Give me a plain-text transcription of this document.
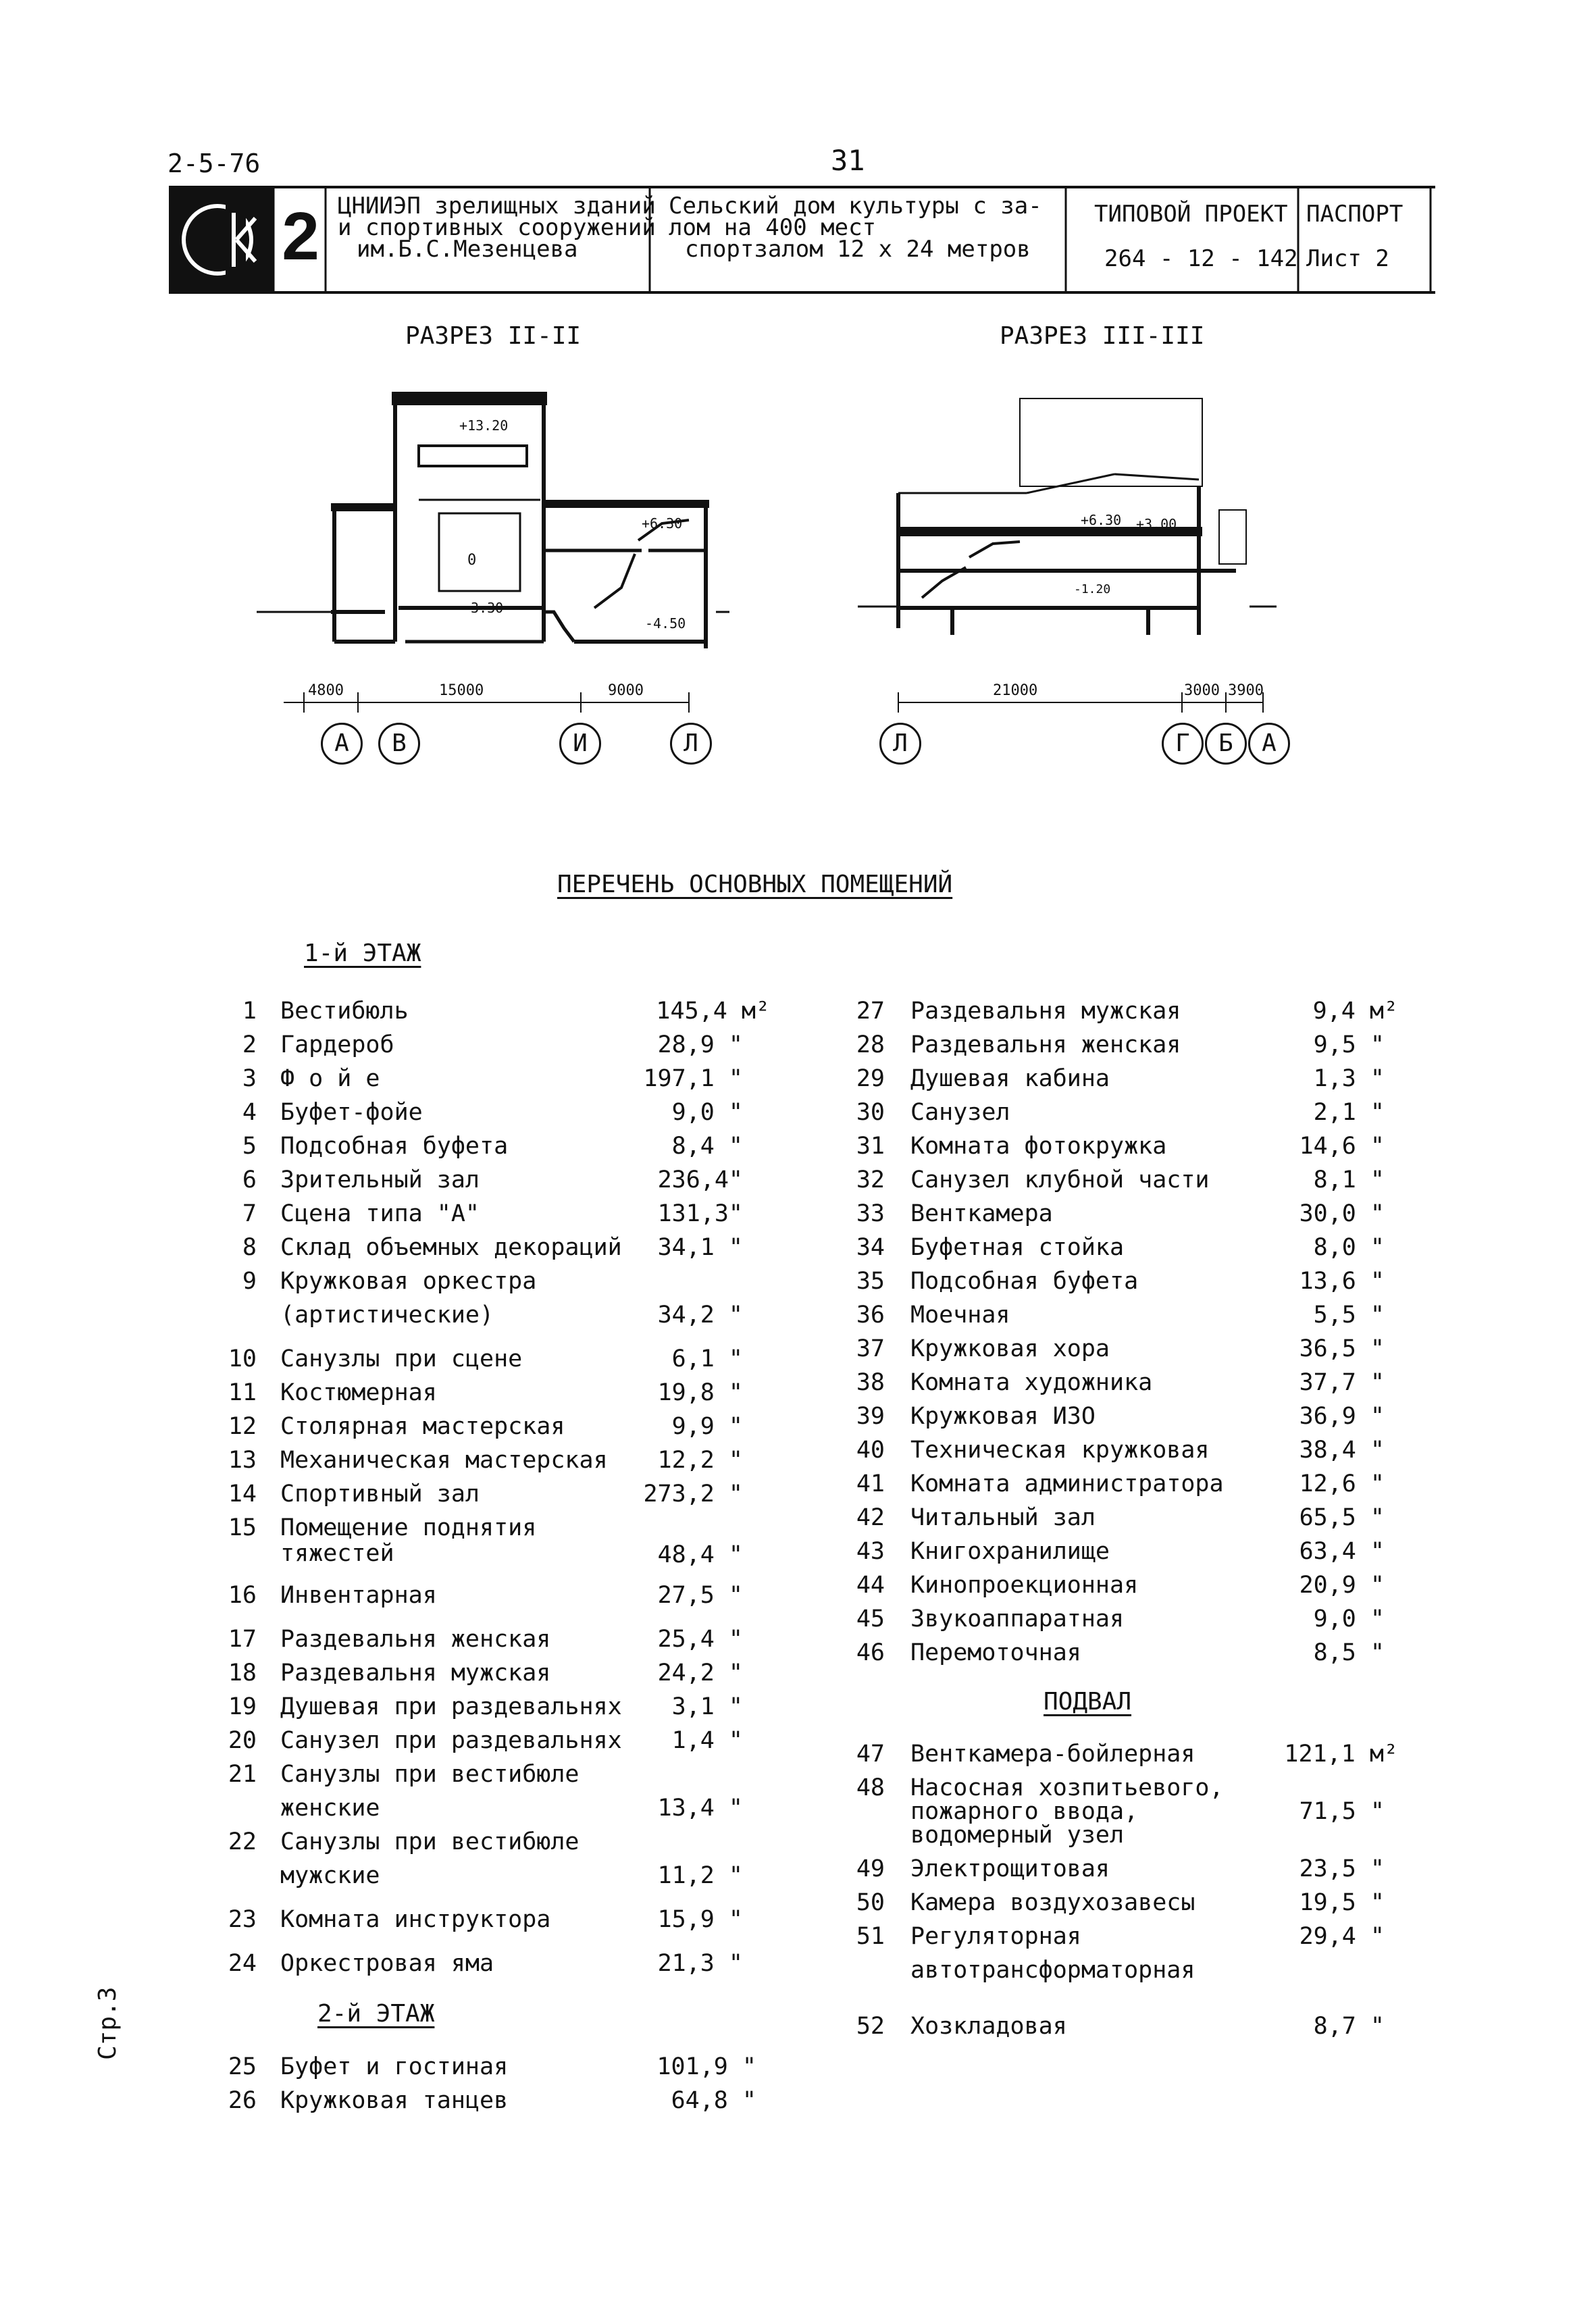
2-5-76	31
2 ЦНИИЭП зрелищных зданий
и спортивных сооружений
им.Б.С.Мезенцева
Сельский дом культуры с за-
лом на 400 мест
спортзалом 12 х 24 метров
ТИПОВОЙ ПРОЕКТ
264 - 12 - 142
ПАСПОРТ
Лист 2
РАЗРЕЗ II-II
+13.20
+6.30
0
-3.30
-4.50
4800	15000	9000
А	В	И	Л
РАЗРЕЗ III-III
+6.30 +3.00
-1.20
21000	3000 3900
Л	Г	Б	А
ПЕРЕЧЕНЬ ОСНОВНЫХ ПОМЕЩЕНИЙ
1-й ЭТАЖ
1 Вестибюль	145,4 м²
2 Гардероб	28,9 "
3 Ф о й е	197,1 "
4 Буфет-фойе	9,0 "
5 Подсобная буфета	8,4 "
6 Зрительный зал	236,4"
7 Сцена типа "А"	131,3"
8 Склад объемных декораций	34,1 "
9 Кружковая оркестра
(артистические)	34,2 "
10 Санузлы при сцене	6,1 "
11 Костюмерная	19,8 "
12 Столярная мастерская	9,9 "
13 Механическая мастерская	12,2 "
14 Спортивный зал	273,2 "
15 Помещение поднятия
тяжестей	48,4 "
16 Инвентарная	27,5 "
17 Раздевальня женская	25,4 "
18 Раздевальня мужская	24,2 "
19 Душевая при раздевальнях	3,1 "
20 Санузел при раздевальнях	1,4 "
21 Санузлы при вестибюле
женские	13,4 "
22 Санузлы при вестибюле
мужские	11,2 "
23 Комната инструктора	15,9 "
24 Оркестровая яма	21,3 "
2-й ЭТАЖ
25 Буфет и гостиная	101,9 "
26 Кружковая танцев	64,8 "
27 Раздевальня мужская	9,4 м²
28 Раздевальня женская	9,5 "
29 Душевая кабина	1,3 "
30 Санузел	2,1 "
31 Комната фотокружка	14,6 "
32 Санузел клубной части	8,1 "
33 Венткамера	30,0 "
34 Буфетная стойка	8,0 "
35 Подсобная буфета	13,6 "
36 Моечная	5,5 "
37 Кружковая хора	36,5 "
38 Комната художника	37,7 "
39 Кружковая ИЗО	36,9 "
40 Техническая кружковая	38,4 "
41 Комната администратора	12,6 "
42 Читальный зал	65,5 "
43 Книгохранилище	63,4 "
44 Кинопроекционная	20,9 "
45 Звукоаппаратная	9,0 "
46 Перемоточная	8,5 "
ПОДВАЛ
47 Венткамера-бойлерная	121,1 м²
48 Насосная хозпитьевого,
пожарного ввода,
водомерный узел
71,5 "
49 Электрощитовая	23,5 "
50 Камера воздухозавесы	19,5 "
51 Регуляторная
автотрансформаторная
29,4 "
52 Хозкладовая	8,7 "
Стр.3
